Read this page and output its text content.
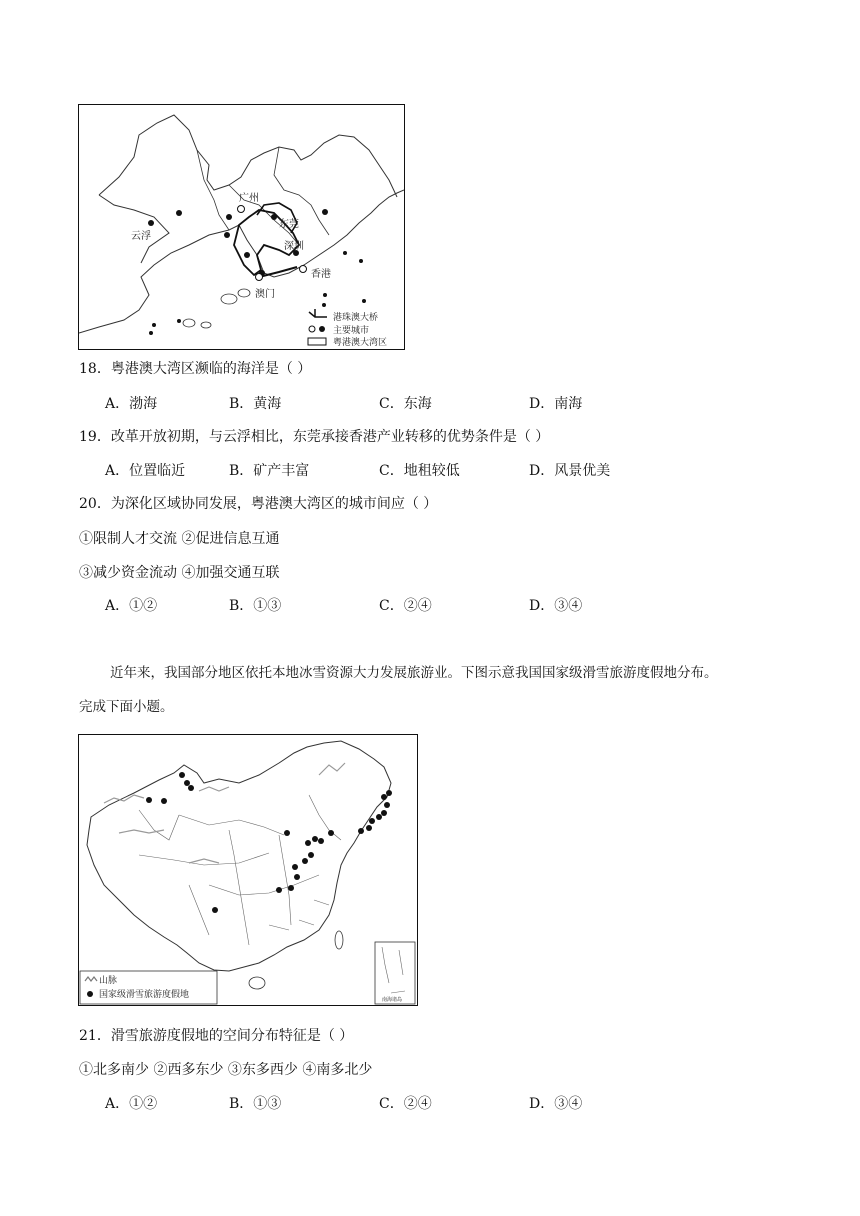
广州
云浮
东莞
深圳
香港
澳门
港珠澳大桥
主要城市
粤港澳大湾区
18．粤港澳大湾区濒临的海洋是（ ）
A．渤海	B．黄海	C．东海	D．南海
19．改革开放初期，与云浮相比，东莞承接香港产业转移的优势条件是（ ）
A．位置临近	B．矿产丰富	C．地租较低	D．风景优美
20．为深化区域协同发展，粤港澳大湾区的城市间应（ ）
①限制人才交流 ②促进信息互通
③减少资金流动 ④加强交通互联
A．①②	B．①③	C．②④	D．③④
近年来，我国部分地区依托本地冰雪资源大力发展旅游业。下图示意我国国家级滑雪旅游度假地分布。
完成下面小题。
山脉
国家级滑雪旅游度假地	南海诸岛
21．滑雪旅游度假地的空间分布特征是（ ）
①北多南少 ②西多东少 ③东多西少 ④南多北少
A．①②	B．①③	C．②④	D．③④
